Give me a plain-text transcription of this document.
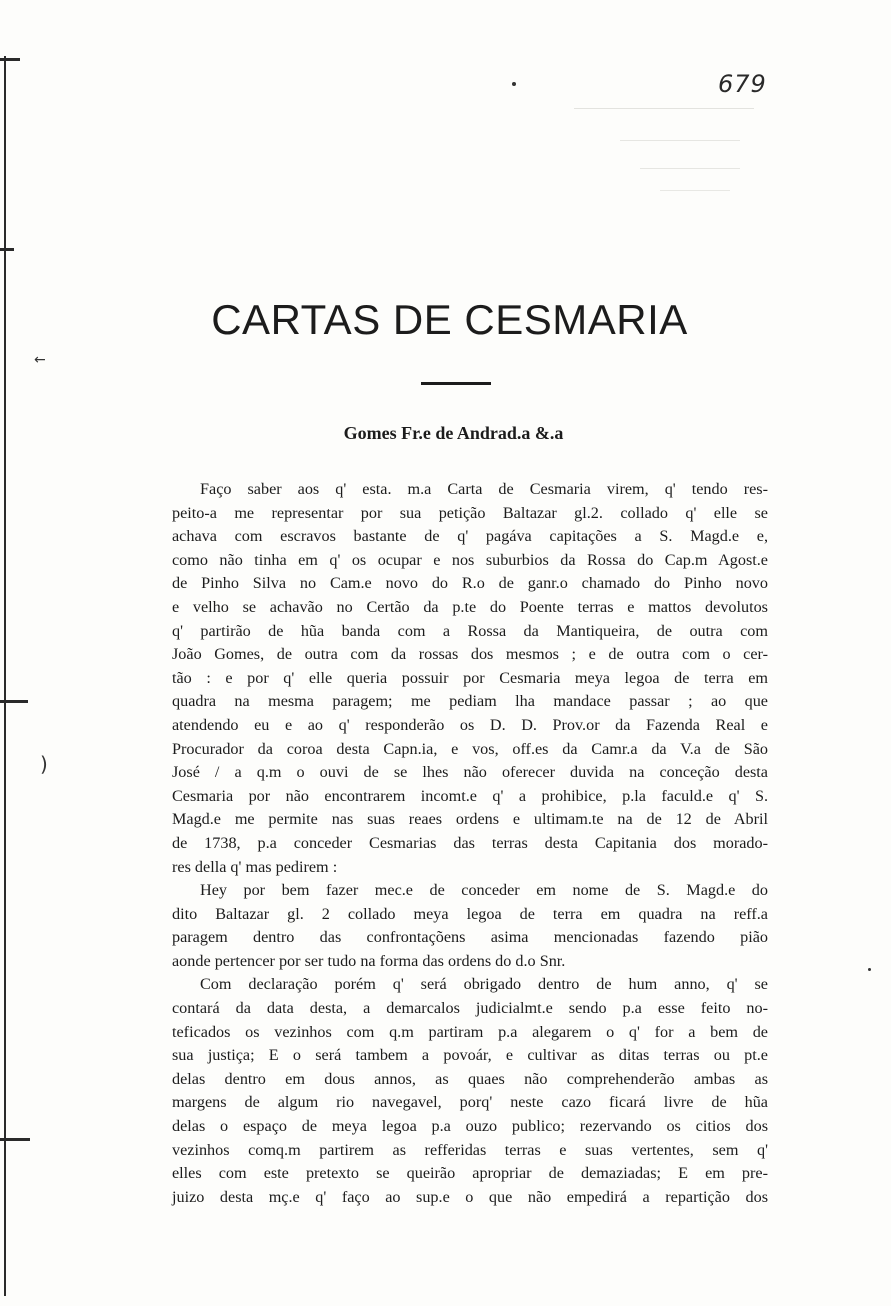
←
)
679
CARTAS DE CESMARIA
Gomes Fr.e de Andrad.a &.a
Faço saber aos q' esta. m.a Carta de Cesmaria virem, q' tendo res-
peito-a me representar por sua petição Baltazar gl.2. collado q' elle se
achava com escravos bastante de q' pagáva capitações a S. Magd.e e,
como não tinha em q' os ocupar e nos suburbios da Rossa do Cap.m Agost.e
de Pinho Silva no Cam.e novo do R.o de ganr.o chamado do Pinho novo
e velho se achavão no Certão da p.te do Poente terras e mattos devolutos
q' partirão de hũa banda com a Rossa da Mantiqueira, de outra com
João Gomes, de outra com da rossas dos mesmos ; e de outra com o cer-
tão : e por q' elle queria possuir por Cesmaria meya legoa de terra em
quadra na mesma paragem; me pediam lha mandace passar ; ao que
atendendo eu e ao q' responderão os D. D. Prov.or da Fazenda Real e
Procurador da coroa desta Capn.ia, e vos, off.es da Camr.a da V.a de São
José / a q.m o ouvi de se lhes não oferecer duvida na conceção desta
Cesmaria por não encontrarem incomt.e q' a prohibice, p.la faculd.e q' S.
Magd.e me permite nas suas reaes ordens e ultimam.te na de 12 de Abril
de 1738, p.a conceder Cesmarias das terras desta Capitania dos morado-
res della q' mas pedirem :
Hey por bem fazer mec.e de conceder em nome de S. Magd.e do
dito Baltazar gl. 2 collado meya legoa de terra em quadra na reff.a
paragem dentro das confrontaçõens asima mencionadas fazendo pião
aonde pertencer por ser tudo na forma das ordens do d.o Snr.
Com declaração porém q' será obrigado dentro de hum anno, q' se
contará da data desta, a demarcalos judicialmt.e sendo p.a esse feito no-
teficados os vezinhos com q.m partiram p.a alegarem o q' for a bem de
sua justiça; E o será tambem a povoár, e cultivar as ditas terras ou pt.e
delas dentro em dous annos, as quaes não comprehenderão ambas as
margens de algum rio navegavel, porq' neste cazo ficará livre de hũa
delas o espaço de meya legoa p.a ouzo publico; rezervando os citios dos
vezinhos comq.m partirem as refferidas terras e suas vertentes, sem q'
elles com este pretexto se queirão apropriar de demaziadas; E em pre-
juizo desta mç.e q' faço ao sup.e o que não empedirá a repartição dos
